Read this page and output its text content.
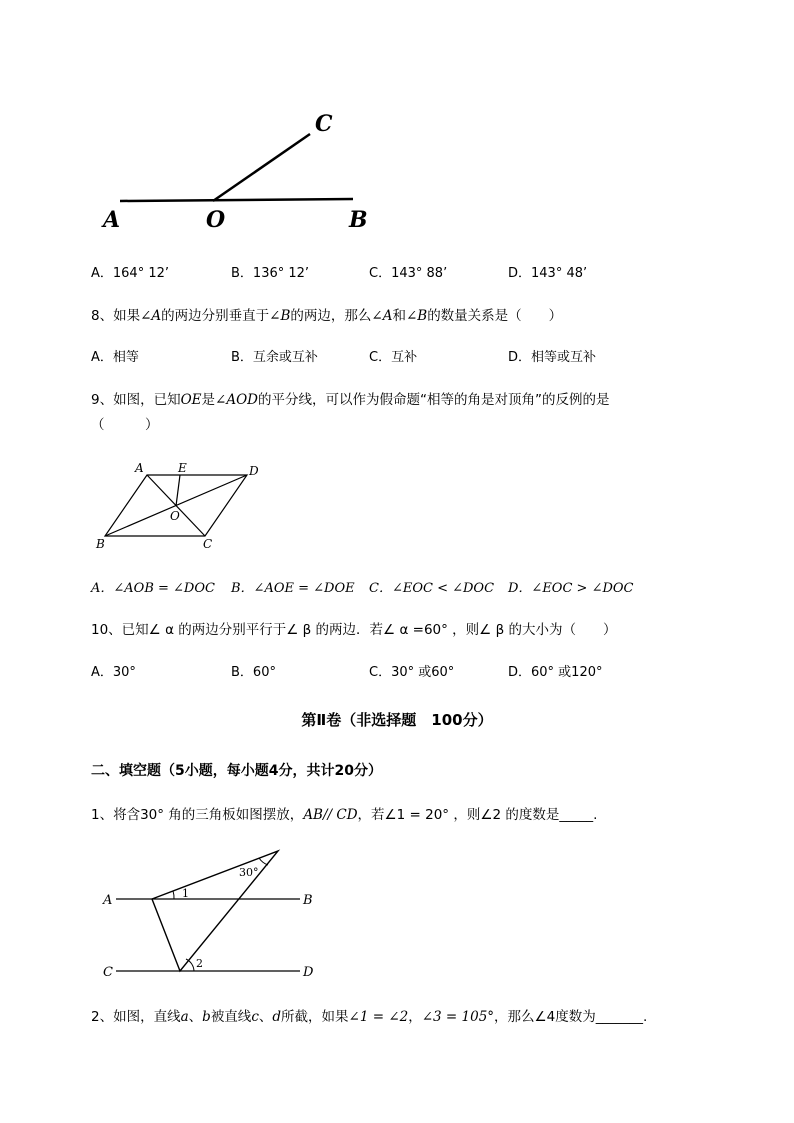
A	O	B
C
A．164° 12’	B．136° 12’	C．143° 88’	D．143° 48’
8、如果∠A的两边分别垂直于∠B的两边，那么∠A和∠B的数量关系是（　　）
A．相等	B．互余或互补	C．互补	D．相等或互补
9、如图，已知OE是∠AOD的平分线，可以作为假命题“相等的角是对顶角”的反例的是
（　　　）
A	E	D
O
B	C
A．∠AOB = ∠DOC B．∠AOE = ∠DOE C．∠EOC < ∠DOC D．∠EOC > ∠DOC
10、已知∠ α 的两边分别平行于∠ β 的两边．若∠ α =60° ，则∠ β 的大小为（　　）
A．30°	B．60°	C．30° 或60°	D．60° 或120°
第Ⅱ卷（非选择题　100分）
二、填空题（5小题，每小题4分，共计20分）
1、将含30° 角的三角板如图摆放，AB// CD，若∠1 = 20° ，则∠2 的度数是_____.
A	B
C	D
1
2
30°
2、如图，直线a、b被直线c、d所截，如果∠1 = ∠2，∠3 = 105°，那么∠4度数为_______.
